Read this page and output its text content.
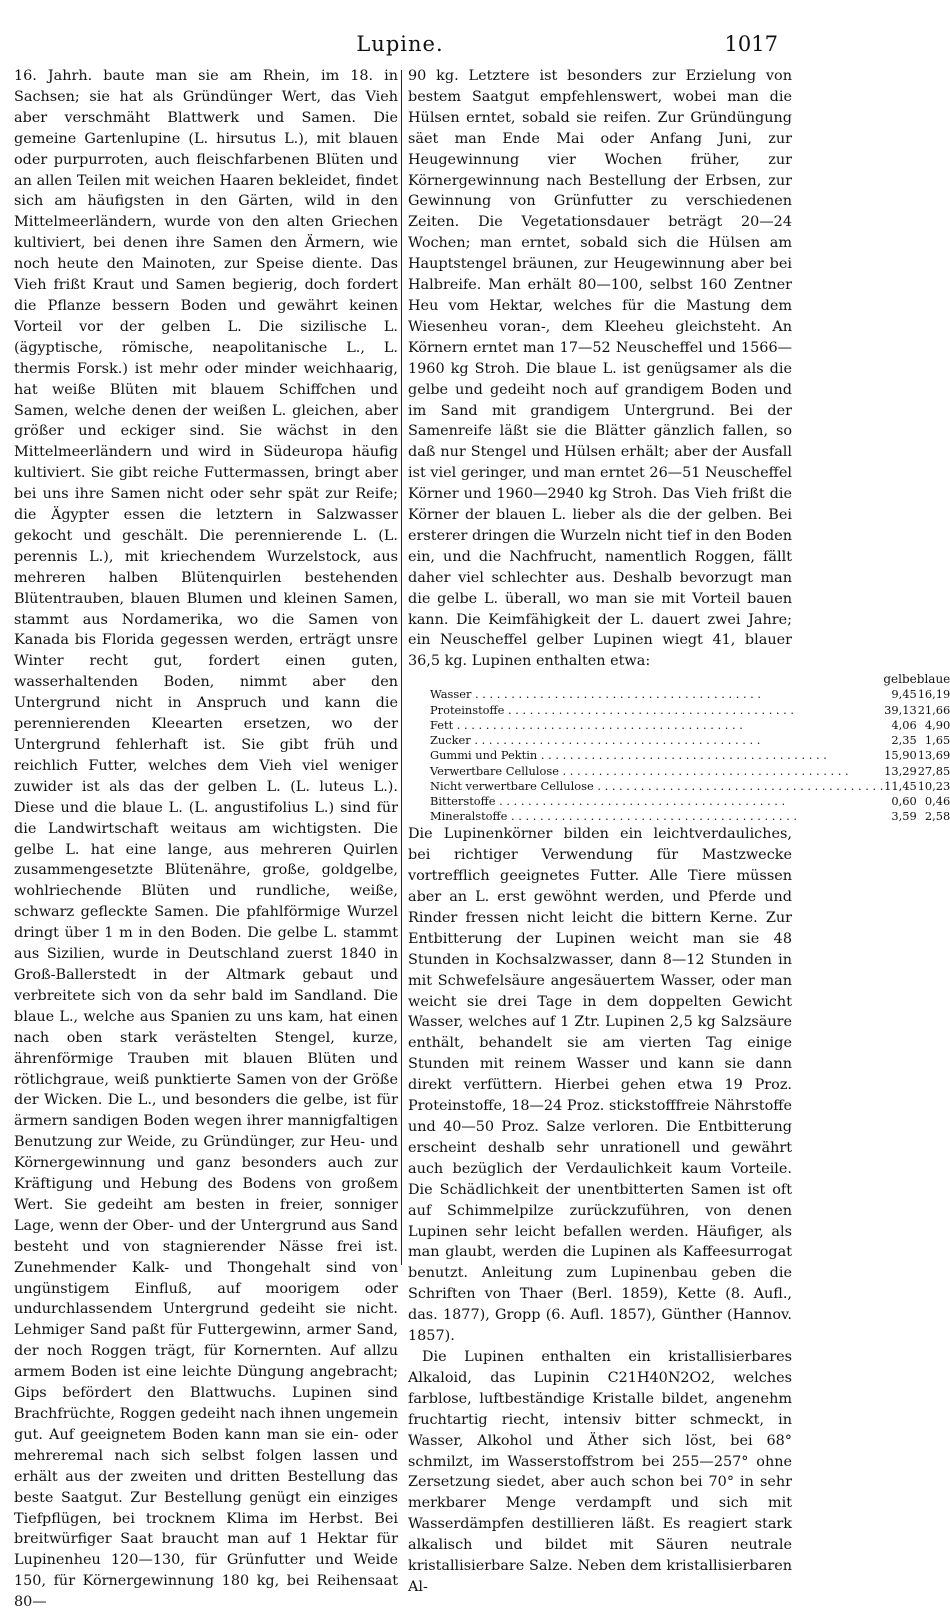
Lupine.	1017

16. Jahrh. baute man sie am Rhein, im 18. in Sachsen; sie hat als Gründünger Wert, das Vieh aber verschmäht Blattwerk und Samen. Die gemeine Gartenlupine (L. hirsutus L.), mit blauen oder purpurroten, auch fleischfarbenen Blüten und an allen Teilen mit weichen Haaren bekleidet, findet sich am häufigsten in den Gärten, wild in den Mittelmeerländern, wurde von den alten Griechen kultiviert, bei denen ihre Samen den Ärmern, wie noch heute den Mainoten, zur Speise diente. Das Vieh frißt Kraut und Samen begierig, doch fordert die Pflanze bessern Boden und gewährt keinen Vorteil vor der gelben L. Die sizilische L. (ägyptische, römische, neapolitanische L., L. thermis Forsk.) ist mehr oder minder weichhaarig, hat weiße Blüten mit blauem Schiffchen und Samen, welche denen der weißen L. gleichen, aber größer und eckiger sind. Sie wächst in den Mittelmeerländern und wird in Südeuropa häufig kultiviert. Sie gibt reiche Futtermassen, bringt aber bei uns ihre Samen nicht oder sehr spät zur Reife; die Ägypter essen die letztern in Salzwasser gekocht und geschält. Die perennierende L. (L. perennis L.), mit kriechendem Wurzelstock, aus mehreren halben Blütenquirlen bestehenden Blütentrauben, blauen Blumen und kleinen Samen, stammt aus Nordamerika, wo die Samen von Kanada bis Florida gegessen werden, erträgt unsre Winter recht gut, fordert einen guten, wasserhaltenden Boden, nimmt aber den Untergrund nicht in Anspruch und kann die perennierenden Kleearten ersetzen, wo der Untergrund fehlerhaft ist. Sie gibt früh und reichlich Futter, welches dem Vieh viel weniger zuwider ist als das der gelben L. (L. luteus L.). Diese und die blaue L. (L. angustifolius L.) sind für die Landwirtschaft weitaus am wichtigsten. Die gelbe L. hat eine lange, aus mehreren Quirlen zusammengesetzte Blütenähre, große, goldgelbe, wohlriechende Blüten und rundliche, weiße, schwarz gefleckte Samen. Die pfahlförmige Wurzel dringt über 1 m in den Boden. Die gelbe L. stammt aus Sizilien, wurde in Deutschland zuerst 1840 in Groß-Ballerstedt in der Altmark gebaut und verbreitete sich von da sehr bald im Sandland. Die blaue L., welche aus Spanien zu uns kam, hat einen nach oben stark verästelten Stengel, kurze, ährenförmige Trauben mit blauen Blüten und rötlichgraue, weiß punktierte Samen von der Größe der Wicken. Die L., und besonders die gelbe, ist für ärmern sandigen Boden wegen ihrer mannigfaltigen Benutzung zur Weide, zu Gründünger, zur Heu- und Körnergewinnung und ganz besonders auch zur Kräftigung und Hebung des Bodens von großem Wert. Sie gedeiht am besten in freier, sonniger Lage, wenn der Ober- und der Untergrund aus Sand besteht und von stagnierender Nässe frei ist. Zunehmender Kalk- und Thongehalt sind von ungünstigem Einfluß, auf moorigem oder undurchlassendem Untergrund gedeiht sie nicht. Lehmiger Sand paßt für Futtergewinn, armer Sand, der noch Roggen trägt, für Kornernten. Auf allzu armem Boden ist eine leichte Düngung angebracht; Gips befördert den Blattwuchs. Lupinen sind Brachfrüchte, Roggen gedeiht nach ihnen ungemein gut. Auf geeignetem Boden kann man sie ein- oder mehreremal nach sich selbst folgen lassen und erhält aus der zweiten und dritten Bestellung das beste Saatgut. Zur Bestellung genügt ein einziges Tiefpflügen, bei trocknem Klima im Herbst. Bei breitwürfiger Saat braucht man auf 1 Hektar für Lupinenheu 120—130, für Grünfutter und Weide 150, für Körnergewinnung 180 kg, bei Reihensaat 80—

90 kg. Letztere ist besonders zur Erzielung von bestem Saatgut empfehlenswert, wobei man die Hülsen erntet, sobald sie reifen. Zur Gründüngung säet man Ende Mai oder Anfang Juni, zur Heugewinnung vier Wochen früher, zur Körnergewinnung nach Bestellung der Erbsen, zur Gewinnung von Grünfutter zu verschiedenen Zeiten. Die Vegetationsdauer beträgt 20—24 Wochen; man erntet, sobald sich die Hülsen am Hauptstengel bräunen, zur Heugewinnung aber bei Halbreife. Man erhält 80—100, selbst 160 Zentner Heu vom Hektar, welches für die Mastung dem Wiesenheu voran-, dem Kleeheu gleichsteht. An Körnern erntet man 17—52 Neuscheffel und 1566—1960 kg Stroh. Die blaue L. ist genügsamer als die gelbe und gedeiht noch auf grandigem Boden und im Sand mit grandigem Untergrund. Bei der Samenreife läßt sie die Blätter gänzlich fallen, so daß nur Stengel und Hülsen erhält; aber der Ausfall ist viel geringer, und man erntet 26—51 Neuscheffel Körner und 1960—2940 kg Stroh. Das Vieh frißt die Körner der blauen L. lieber als die der gelben. Bei ersterer dringen die Wurzeln nicht tief in den Boden ein, und die Nachfrucht, namentlich Roggen, fällt daher viel schlechter aus. Deshalb bevorzugt man die gelbe L. überall, wo man sie mit Vorteil bauen kann. Die Keimfähigkeit der L. dauert zwei Jahre; ein Neuscheffel gelber Lupinen wiegt 41, blauer 36,5 kg. Lupinen enthalten etwa:

	gelbe	blaue
Wasser . . . . . . . . . . . . . . . . . . . . . . . . . . . . . . . . . . . . . . . .	9,45	16,19
Proteinstoffe . . . . . . . . . . . . . . . . . . . . . . . . . . . . . . . . . . . . . . . .	39,13	21,66
Fett . . . . . . . . . . . . . . . . . . . . . . . . . . . . . . . . . . . . . . . .	4,06	4,90
Zucker . . . . . . . . . . . . . . . . . . . . . . . . . . . . . . . . . . . . . . . .	2,35	1,65
Gummi und Pektin . . . . . . . . . . . . . . . . . . . . . . . . . . . . . . . . . . . . . . . .	15,90	13,69
Verwertbare Cellulose . . . . . . . . . . . . . . . . . . . . . . . . . . . . . . . . . . . . . . . .	13,29	27,85
Nicht verwertbare Cellulose . . . . . . . . . . . . . . . . . . . . . . . . . . . . . . . . . . . . . . . .	11,45	10,23
Bitterstoffe . . . . . . . . . . . . . . . . . . . . . . . . . . . . . . . . . . . . . . . .	0,60	0,46
Mineralstoffe . . . . . . . . . . . . . . . . . . . . . . . . . . . . . . . . . . . . . . . .	3,59	2,58

Die Lupinenkörner bilden ein leichtverdauliches, bei richtiger Verwendung für Mastzwecke vortrefflich geeignetes Futter. Alle Tiere müssen aber an L. erst gewöhnt werden, und Pferde und Rinder fressen nicht leicht die bittern Kerne. Zur Entbitterung der Lupinen weicht man sie 48 Stunden in Kochsalzwasser, dann 8—12 Stunden in mit Schwefelsäure angesäuertem Wasser, oder man weicht sie drei Tage in dem doppelten Gewicht Wasser, welches auf 1 Ztr. Lupinen 2,5 kg Salzsäure enthält, behandelt sie am vierten Tag einige Stunden mit reinem Wasser und kann sie dann direkt verfüttern. Hierbei gehen etwa 19 Proz. Proteinstoffe, 18—24 Proz. stickstofffreie Nährstoffe und 40—50 Proz. Salze verloren. Die Entbitterung erscheint deshalb sehr unrationell und gewährt auch bezüglich der Verdaulichkeit kaum Vorteile. Die Schädlichkeit der unentbitterten Samen ist oft auf Schimmelpilze zurückzuführen, von denen Lupinen sehr leicht befallen werden. Häufiger, als man glaubt, werden die Lupinen als Kaffeesurrogat benutzt. Anleitung zum Lupinenbau geben die Schriften von Thaer (Berl. 1859), Kette (8. Aufl., das. 1877), Gropp (6. Aufl. 1857), Günther (Hannov. 1857).

Die Lupinen enthalten ein kristallisierbares Alkaloid, das Lupinin C21H40N2O2, welches farblose, luftbeständige Kristalle bildet, angenehm fruchtartig riecht, intensiv bitter schmeckt, in Wasser, Alkohol und Äther sich löst, bei 68° schmilzt, im Wasserstoffstrom bei 255—257° ohne Zersetzung siedet, aber auch schon bei 70° in sehr merkbarer Menge verdampft und sich mit Wasserdämpfen destillieren läßt. Es reagiert stark alkalisch und bildet mit Säuren neutrale kristallisierbare Salze. Neben dem kristallisierbaren Al-
